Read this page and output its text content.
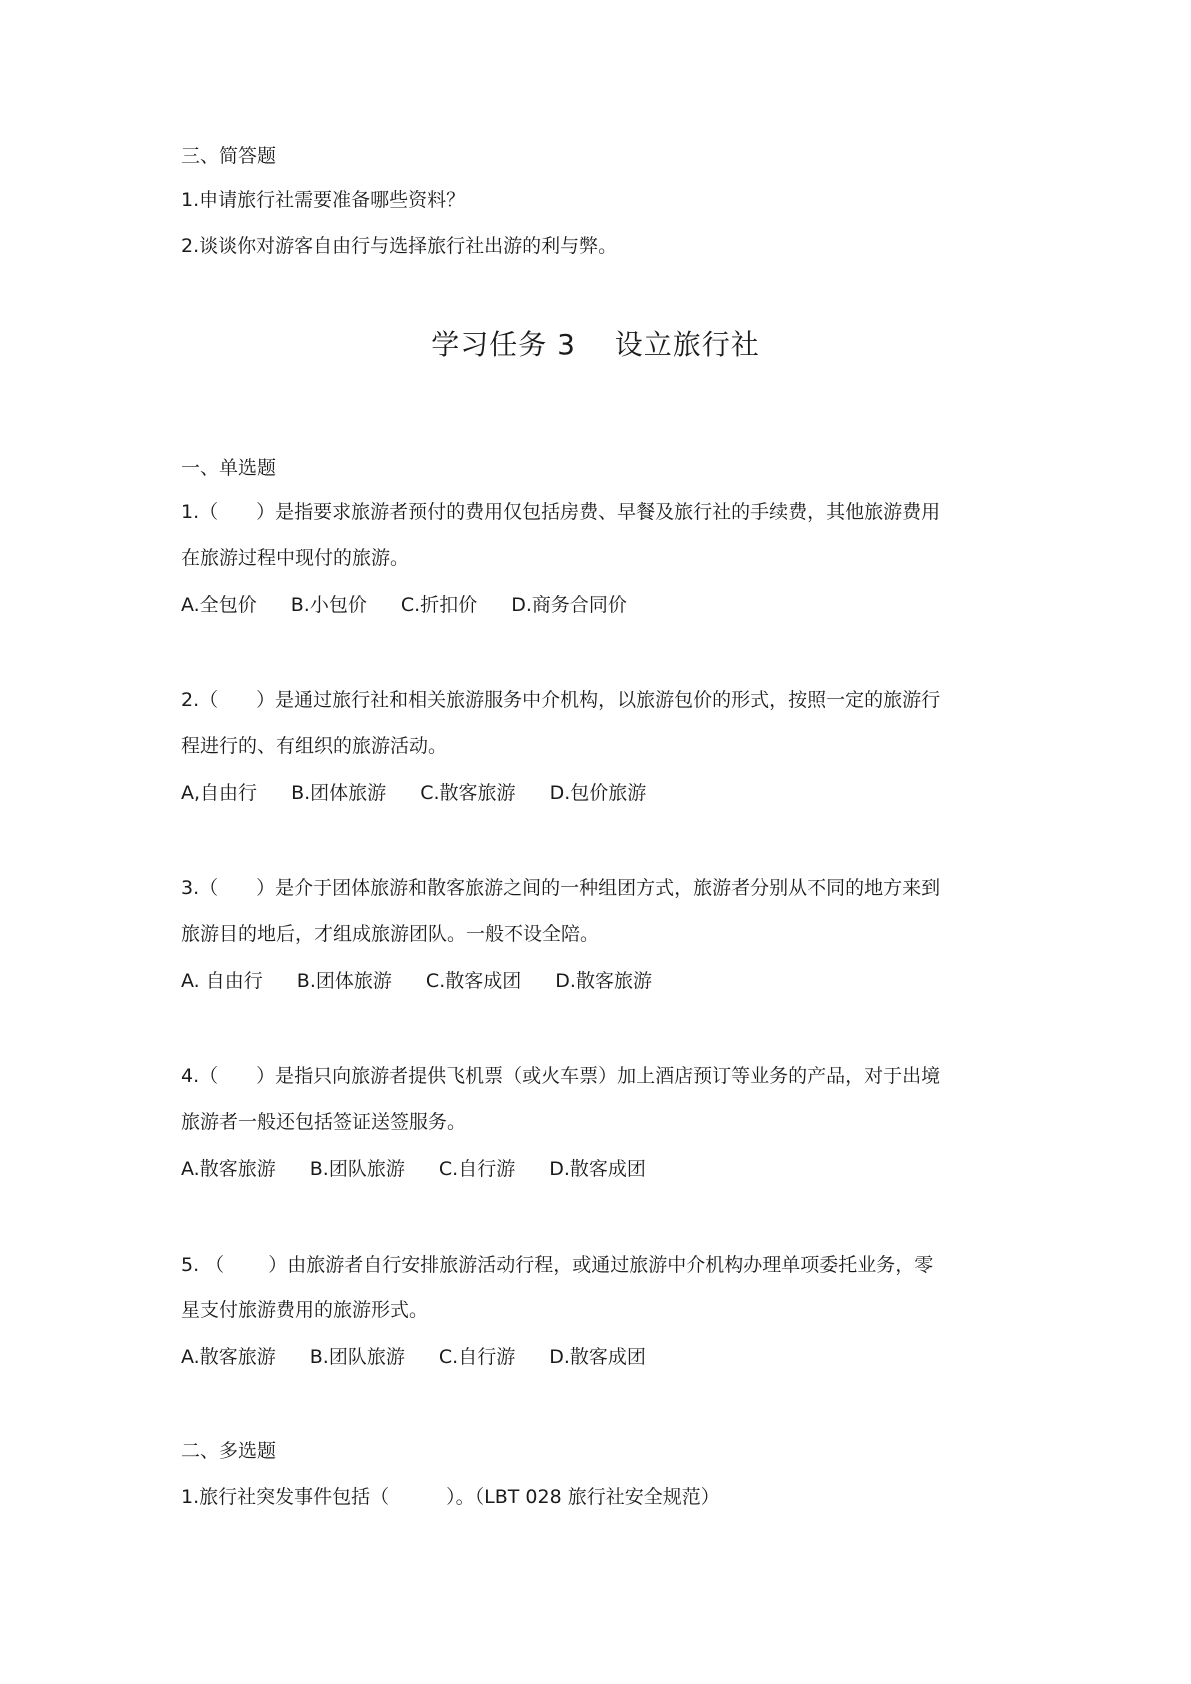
三、简答题
1.申请旅行社需要准备哪些资料？
2.谈谈你对游客自由行与选择旅行社出游的利与弊。
学习任务 3　 设立旅行社
一、单选题
1.（　　）是指要求旅游者预付的费用仅包括房费、早餐及旅行社的手续费，其他旅游费用
在旅游过程中现付的旅游。
A.全包价 B.小包价 C.折扣价 D.商务合同价
2.（　　）是通过旅行社和相关旅游服务中介机构，以旅游包价的形式，按照一定的旅游行
程进行的、有组织的旅游活动。
A,自由行 B.团体旅游 C.散客旅游 D.包价旅游
3.（　　）是介于团体旅游和散客旅游之间的一种组团方式，旅游者分别从不同的地方来到
旅游目的地后，才组成旅游团队。一般不设全陪。
A. 自由行 B.团体旅游 C.散客成团 D.散客旅游
4.（　　）是指只向旅游者提供飞机票（或火车票）加上酒店预订等业务的产品，对于出境
旅游者一般还包括签证送签服务。
A.散客旅游 B.团队旅游 C.自行游 D.散客成团
5. （　　 ）由旅游者自行安排旅游活动行程，或通过旅游中介机构办理单项委托业务，零
星支付旅游费用的旅游形式。
A.散客旅游 B.团队旅游 C.自行游 D.散客成团
二、多选题
1.旅行社突发事件包括（　　　）。（LBT 028 旅行社安全规范）
